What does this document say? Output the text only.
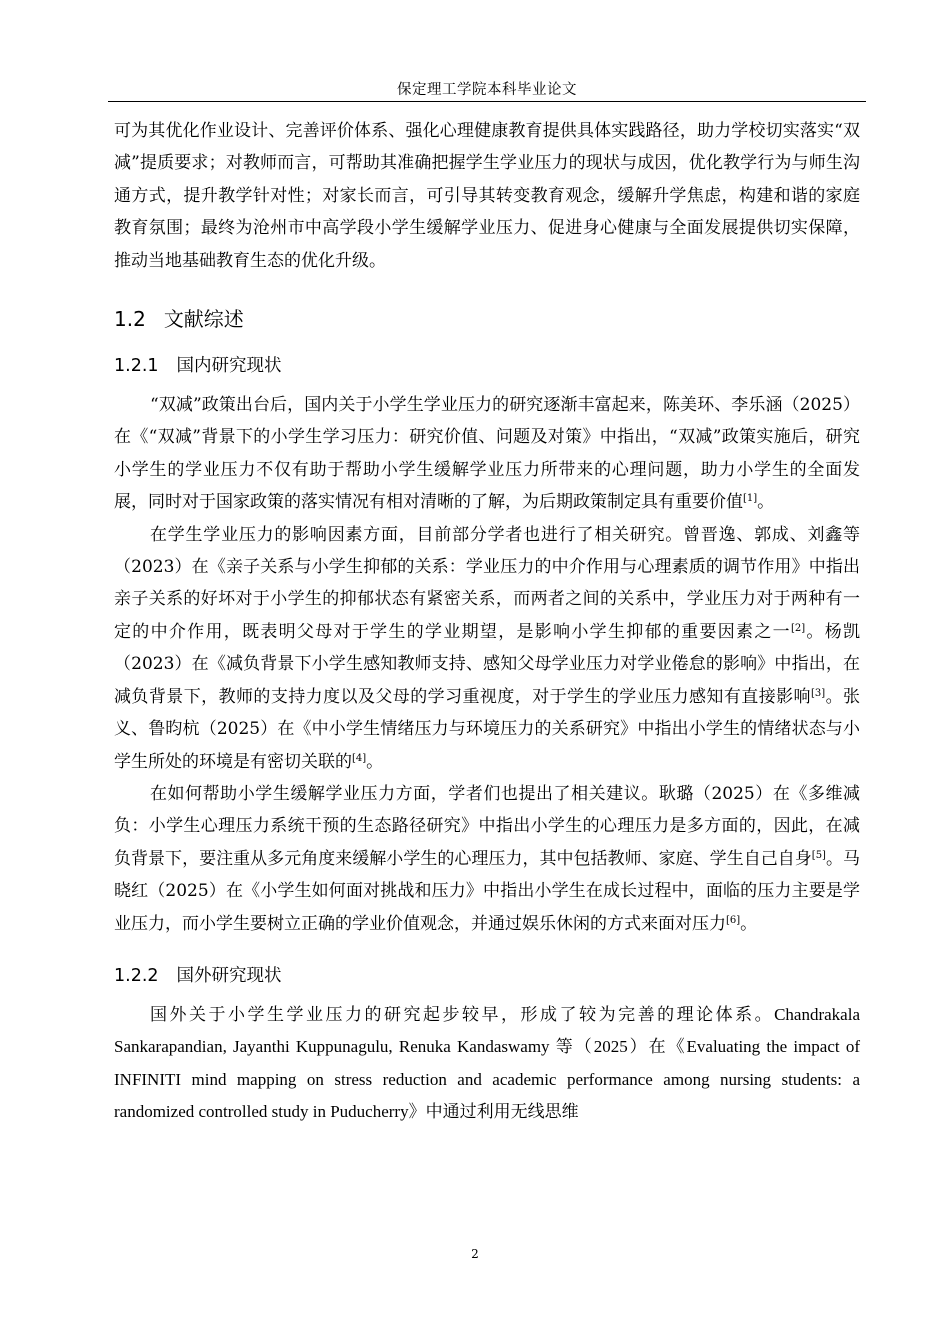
保定理工学院本科毕业论文

可为其优化作业设计、完善评价体系、强化心理健康教育提供具体实践路径，助力学校切实落实“双减”提质要求；对教师而言，可帮助其准确把握学生学业压力的现状与成因，优化教学行为与师生沟通方式，提升教学针对性；对家长而言，可引导其转变教育观念，缓解升学焦虑，构建和谐的家庭教育氛围；最终为沧州市中高学段小学生缓解学业压力、促进身心健康与全面发展提供切实保障，推动当地基础教育生态的优化升级。

1.2 文献综述
1.2.1 国内研究现状

“双减”政策出台后，国内关于小学生学业压力的研究逐渐丰富起来，陈美环、李乐涵（2025）在《“双减”背景下的小学生学习压力：研究价值、问题及对策》中指出，“双减”政策实施后，研究小学生的学业压力不仅有助于帮助小学生缓解学业压力所带来的心理问题，助力小学生的全面发展，同时对于国家政策的落实情况有相对清晰的了解，为后期政策制定具有重要价值[1]。

在学生学业压力的影响因素方面，目前部分学者也进行了相关研究。曾晋逸、郭成、刘鑫等（2023）在《亲子关系与小学生抑郁的关系：学业压力的中介作用与心理素质的调节作用》中指出亲子关系的好坏对于小学生的抑郁状态有紧密关系，而两者之间的关系中，学业压力对于两种有一定的中介作用，既表明父母对于学生的学业期望，是影响小学生抑郁的重要因素之一[2]。杨凯（2023）在《减负背景下小学生感知教师支持、感知父母学业压力对学业倦怠的影响》中指出，在减负背景下，教师的支持力度以及父母的学习重视度，对于学生的学业压力感知有直接影响[3]。张义、鲁昀杭（2025）在《中小学生情绪压力与环境压力的关系研究》中指出小学生的情绪状态与小学生所处的环境是有密切关联的[4]。

在如何帮助小学生缓解学业压力方面，学者们也提出了相关建议。耿璐（2025）在《多维减负：小学生心理压力系统干预的生态路径研究》中指出小学生的心理压力是多方面的，因此，在减负背景下，要注重从多元角度来缓解小学生的心理压力，其中包括教师、家庭、学生自己自身[5]。马晓红（2025）在《小学生如何面对挑战和压力》中指出小学生在成长过程中，面临的压力主要是学业压力，而小学生要树立正确的学业价值观念，并通过娱乐休闲的方式来面对压力[6]。

1.2.2 国外研究现状

国外关于小学生学业压力的研究起步较早，形成了较为完善的理论体系。Chandrakala Sankarapandian, Jayanthi Kuppunagulu, Renuka Kandaswamy 等（2025）在《Evaluating the impact of INFINITI mind mapping on stress reduction and academic performance among nursing students: a randomized controlled study in Puducherry》中通过利用无线思维

2
